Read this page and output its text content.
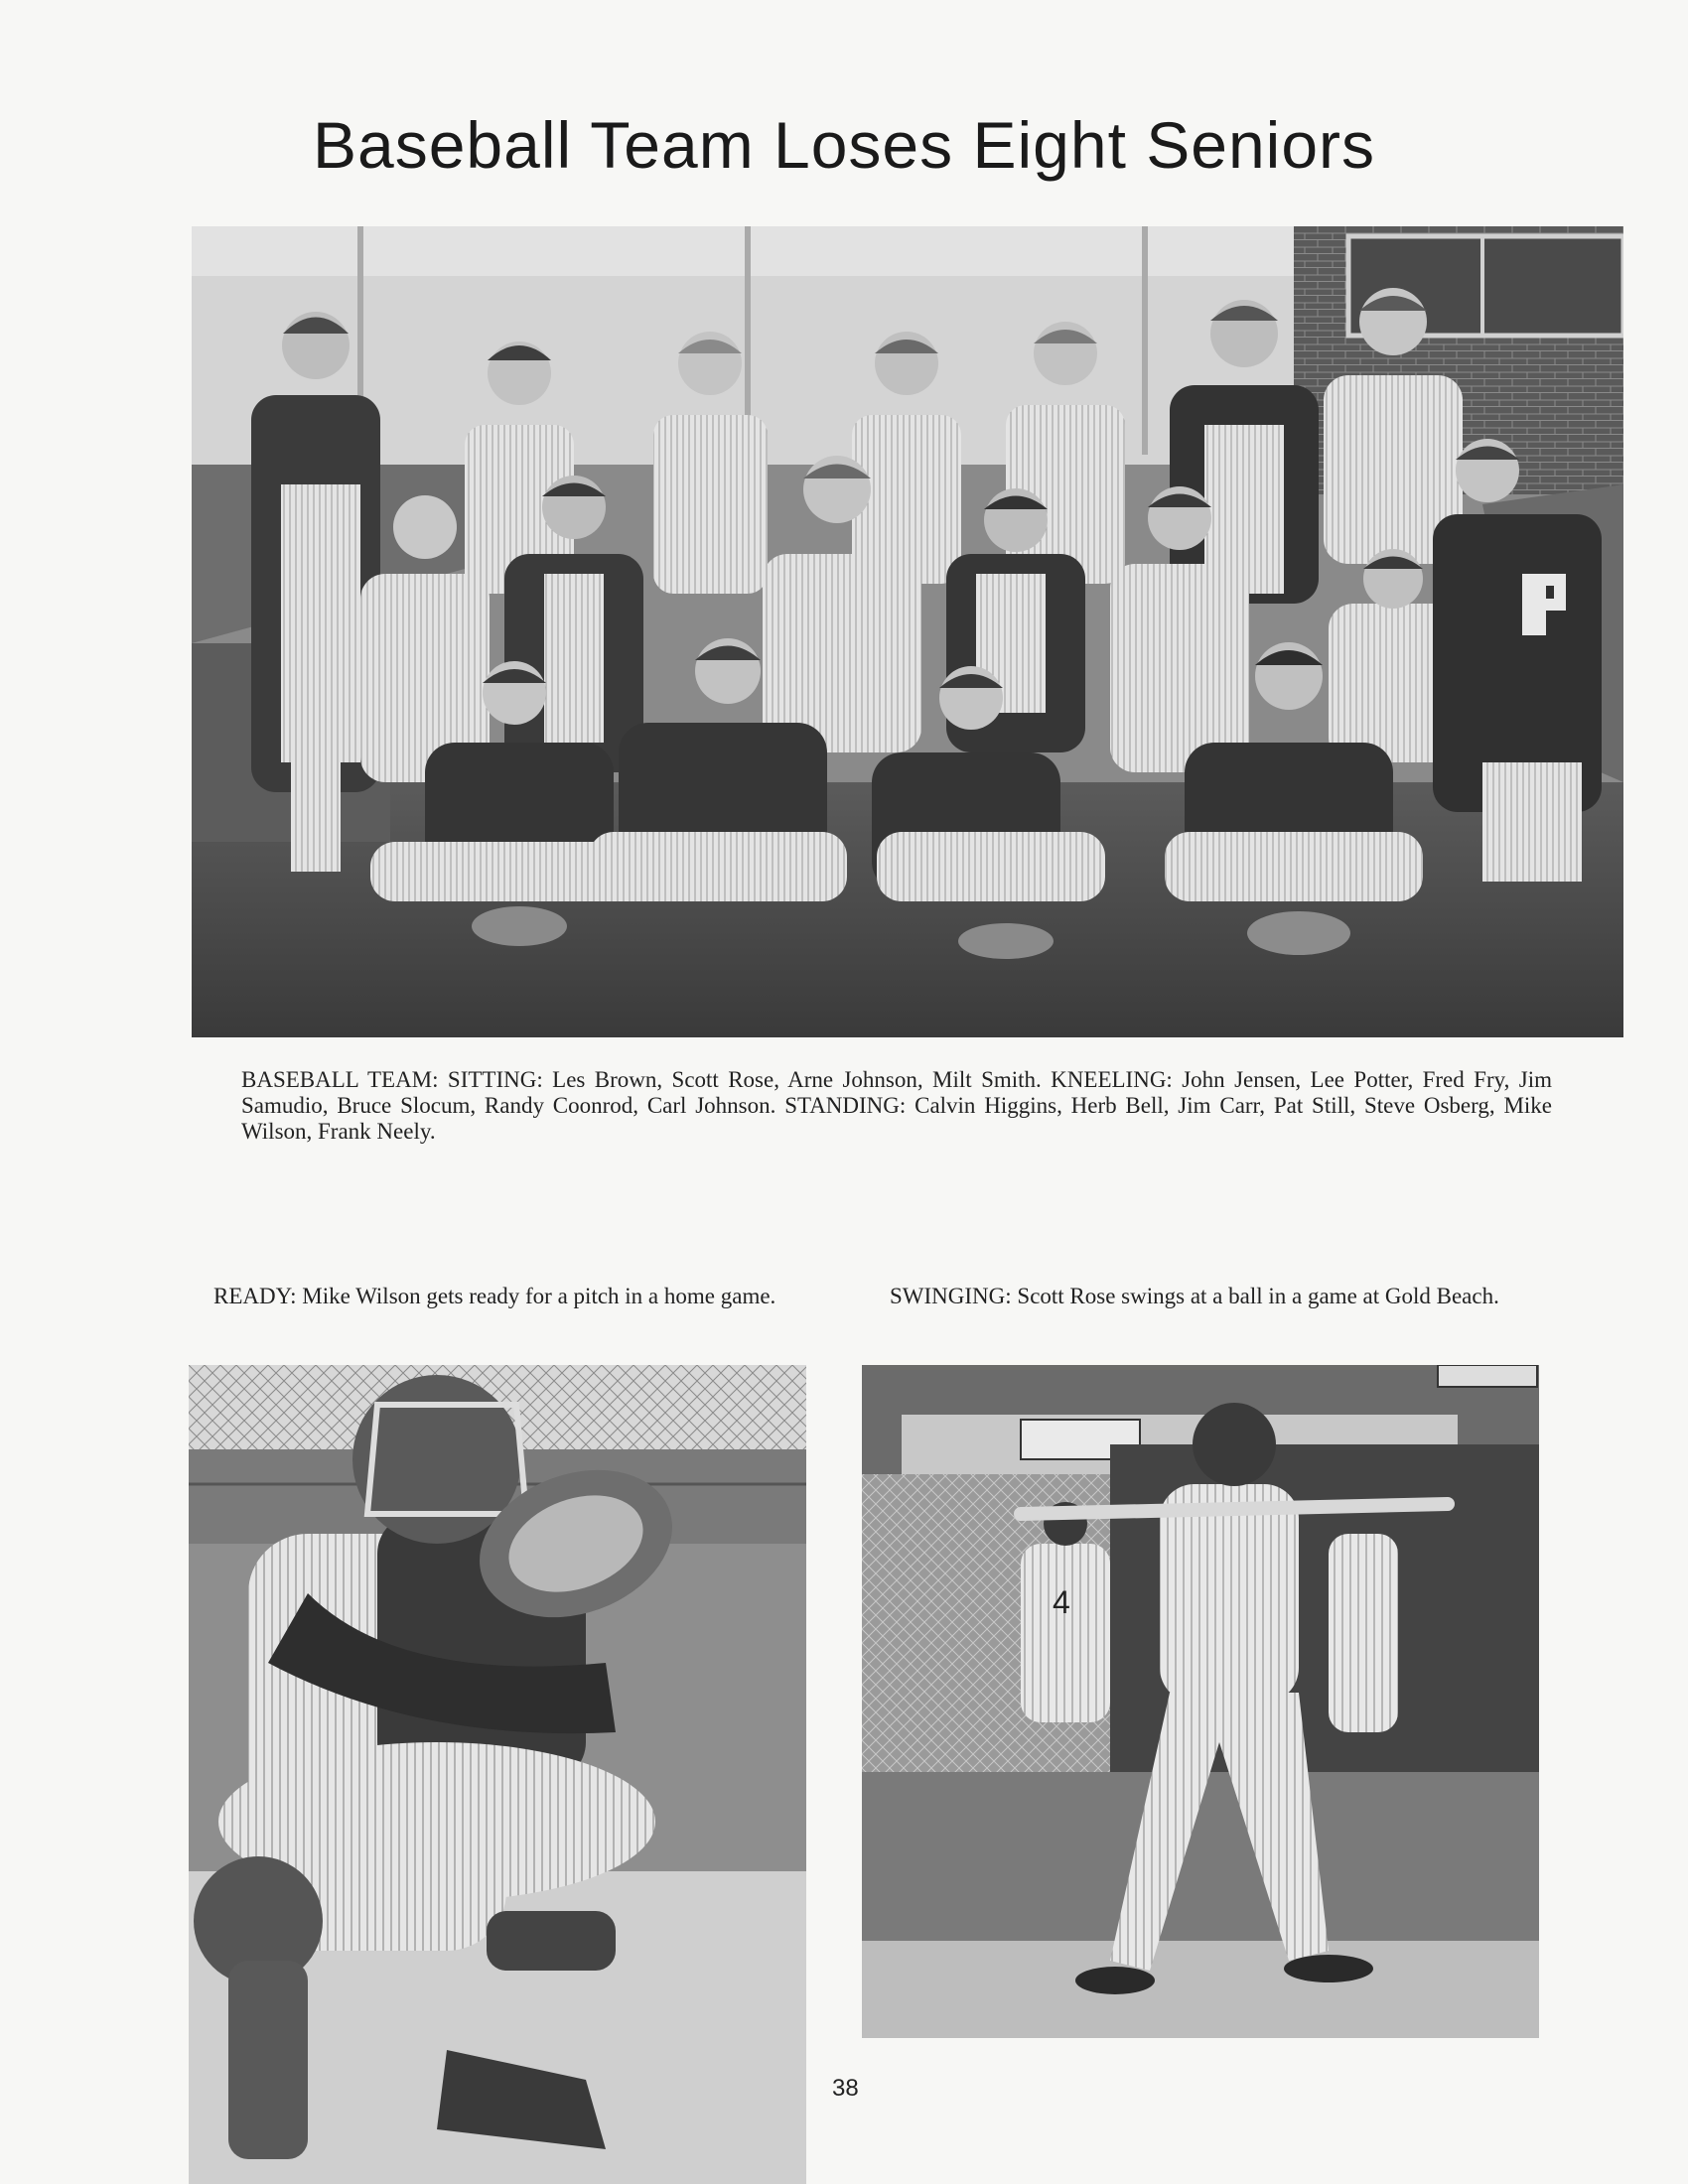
Baseball Team Loses Eight Seniors

BASEBALL TEAM: SITTING: Les Brown, Scott Rose, Arne Johnson, Milt Smith. KNEELING: John Jensen, Lee Potter, Fred Fry, Jim Samudio, Bruce Slocum, Randy Coonrod, Carl Johnson. STANDING: Calvin Higgins, Herb Bell, Jim Carr, Pat Still, Steve Osberg, Mike Wilson, Frank Neely.

READY: Mike Wilson gets ready for a pitch in a home game.	SWINGING: Scott Rose swings at a ball in a game at Gold Beach.

4
38
